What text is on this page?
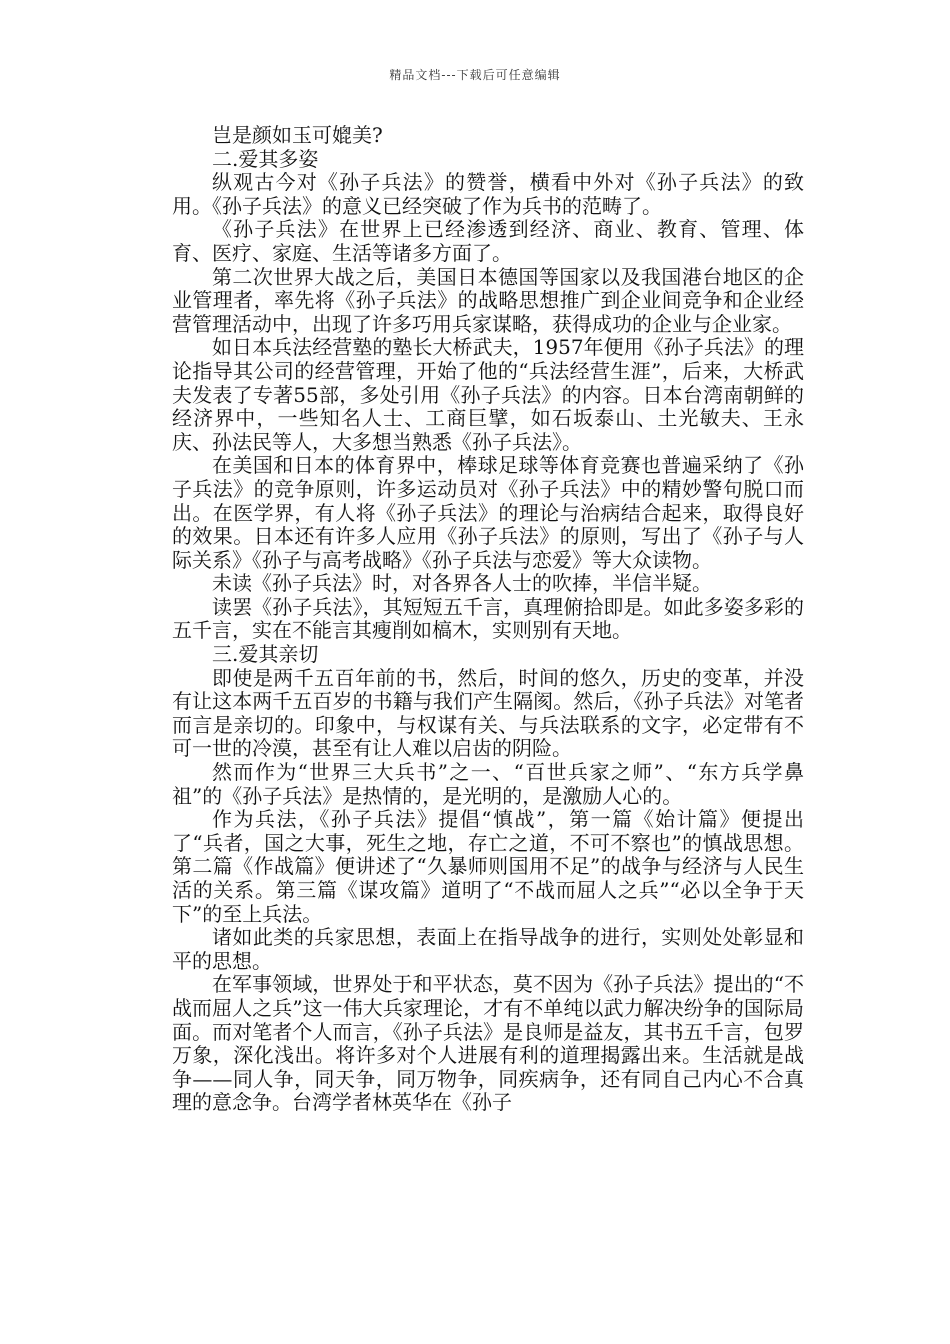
精品文档---下载后可任意编辑

岂是颜如玉可媲美?

二.爱其多姿

纵观古今对《孙子兵法》的赞誉，横看中外对《孙子兵法》的致用。《孙子兵法》的意义已经突破了作为兵书的范畴了。

《孙子兵法》在世界上已经渗透到经济、商业、教育、管理、体育、医疗、家庭、生活等诸多方面了。

第二次世界大战之后，美国日本德国等国家以及我国港台地区的企业管理者，率先将《孙子兵法》的战略思想推广到企业间竞争和企业经营管理活动中，出现了许多巧用兵家谋略，获得成功的企业与企业家。

如日本兵法经营塾的塾长大桥武夫，1957年便用《孙子兵法》的理论指导其公司的经营管理，开始了他的“兵法经营生涯”，后来，大桥武夫发表了专著55部，多处引用《孙子兵法》的内容。日本台湾南朝鲜的经济界中，一些知名人士、工商巨擘，如石坂泰山、土光敏夫、王永庆、孙法民等人，大多想当熟悉《孙子兵法》。

在美国和日本的体育界中，棒球足球等体育竞赛也普遍采纳了《孙子兵法》的竞争原则，许多运动员对《孙子兵法》中的精妙警句脱口而出。在医学界，有人将《孙子兵法》的理论与治病结合起来，取得良好的效果。日本还有许多人应用《孙子兵法》的原则，写出了《孙子与人际关系》《孙子与高考战略》《孙子兵法与恋爱》等大众读物。

未读《孙子兵法》时，对各界各人士的吹捧，半信半疑。

读罢《孙子兵法》，其短短五千言，真理俯拾即是。如此多姿多彩的五千言，实在不能言其瘦削如槁木，实则别有天地。

三.爱其亲切

即使是两千五百年前的书，然后，时间的悠久，历史的变革，并没有让这本两千五百岁的书籍与我们产生隔阂。然后，《孙子兵法》对笔者而言是亲切的。印象中，与权谋有关、与兵法联系的文字，必定带有不可一世的冷漠，甚至有让人难以启齿的阴险。

然而作为“世界三大兵书”之一、“百世兵家之师”、“东方兵学鼻祖”的《孙子兵法》是热情的，是光明的，是激励人心的。

作为兵法，《孙子兵法》提倡“慎战”，第一篇《始计篇》便提出了“兵者，国之大事，死生之地，存亡之道，不可不察也”的慎战思想。第二篇《作战篇》便讲述了“久暴师则国用不足”的战争与经济与人民生活的关系。第三篇《谋攻篇》道明了“不战而屈人之兵”“必以全争于天下”的至上兵法。

诸如此类的兵家思想，表面上在指导战争的进行，实则处处彰显和平的思想。

在军事领域，世界处于和平状态，莫不因为《孙子兵法》提出的“不战而屈人之兵”这一伟大兵家理论，才有不单纯以武力解决纷争的国际局面。而对笔者个人而言，《孙子兵法》是良师是益友，其书五千言，包罗万象，深化浅出。将许多对个人进展有利的道理揭露出来。生活就是战争——同人争，同天争，同万物争，同疾病争，还有同自己内心不合真理的意念争。台湾学者林英华在《孙子
